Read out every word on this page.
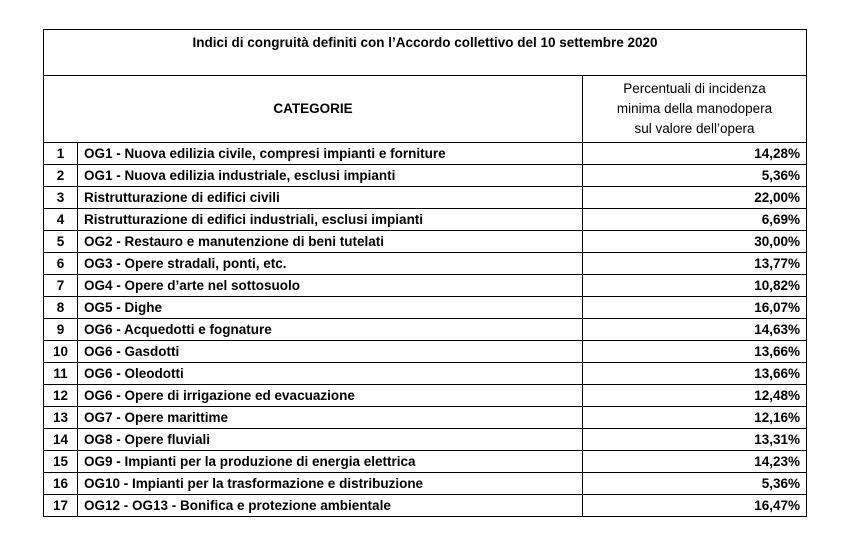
Indici di congruità definiti con l’Accordo collettivo del 10 settembre 2020		
CATEGORIE		Percentuali di incidenza
minima della manodopera
sul valore dell’opera

1	OG1 - Nuova edilizia civile, compresi impianti e forniture	14,28%
2	OG1 - Nuova edilizia industriale, esclusi impianti	5,36%
3	Ristrutturazione di edifici civili	22,00%
4	Ristrutturazione di edifici industriali, esclusi impianti	6,69%
5	OG2 - Restauro e manutenzione di beni tutelati	30,00%
6	OG3 - Opere stradali, ponti, etc.	13,77%
7	OG4 - Opere d’arte nel sottosuolo	10,82%
8	OG5 - Dighe	16,07%
9	OG6 - Acquedotti e fognature	14,63%
10	OG6 - Gasdotti	13,66%
11	OG6 - Oleodotti	13,66%
12	OG6 - Opere di irrigazione ed evacuazione	12,48%
13	OG7 - Opere marittime	12,16%
14	OG8 - Opere fluviali	13,31%
15	OG9 - Impianti per la produzione di energia elettrica	14,23%
16	OG10 - Impianti per la trasformazione e distribuzione	5,36%
17	OG12 - OG13 - Bonifica e protezione ambientale	16,47%
